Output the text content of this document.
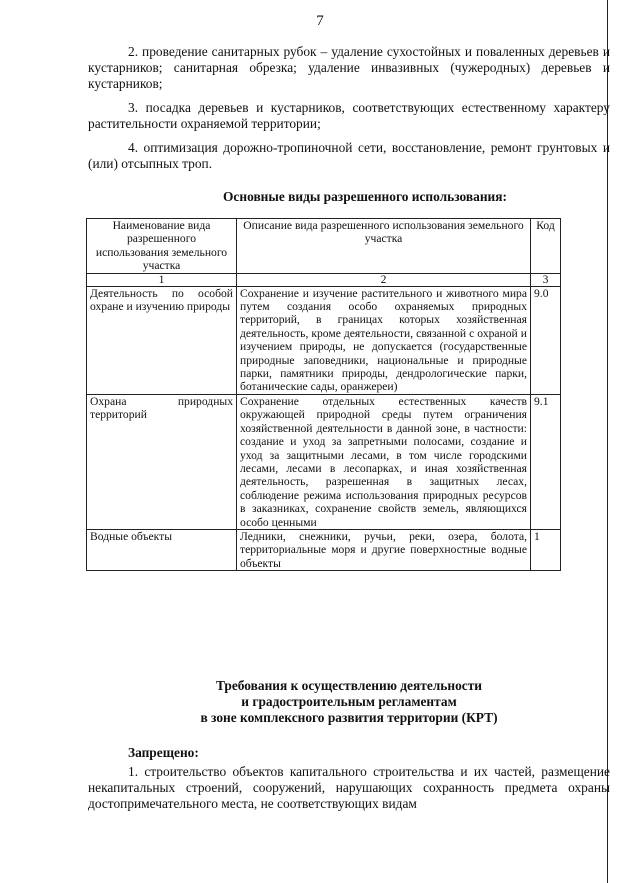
7

2. проведение санитарных рубок – удаление сухостойных и поваленных деревьев и кустарников; санитарная обрезка; удаление инвазивных (чужеродных) деревьев и кустарников;

3. посадка деревьев и кустарников, соответствующих естественному характеру растительности охраняемой территории;

4. оптимизация дорожно-тропиночной сети, восстановление, ремонт грунтовых и (или) отсыпных троп.

Основные виды разрешенного использования:
Наименование вида разрешенного использования земельного участка	Описание вида разрешенного использования земельного участка	Код
1	2	3
Деятельность по особой охране и изучению природы	Сохранение и изучение растительного и животного мира путем создания особо охраняемых природных территорий, в границах которых хозяйственная деятельность, кроме деятельности, связанной с охраной и изучением природы, не допускается (государственные природные заповедники, национальные и природные парки, памятники природы, дендрологические парки, ботанические сады, оранжереи)	9.0
Охрана природных территорий	Сохранение отдельных естественных качеств окружающей природной среды путем ограничения хозяйственной деятельности в данной зоне, в частности: создание и уход за запретными полосами, создание и уход за защитными лесами, в том числе городскими лесами, лесами в лесопарках, и иная хозяйственная деятельность, разрешенная в защитных лесах, соблюдение режима использования природных ресурсов в заказниках, сохранение свойств земель, являющихся особо ценными	9.1
Водные объекты	Ледники, снежники, ручьи, реки, озера, болота, территориальные моря и другие поверхностные водные объекты	1
Требования к осуществлению деятельности
и градостроительным регламентам
в зоне комплексного развития территории (КРТ)
Запрещено:

1. строительство объектов капитального строительства и их частей, размещение некапитальных строений, сооружений, нарушающих сохранность предмета охраны достопримечательного места, не соответствующих видам
